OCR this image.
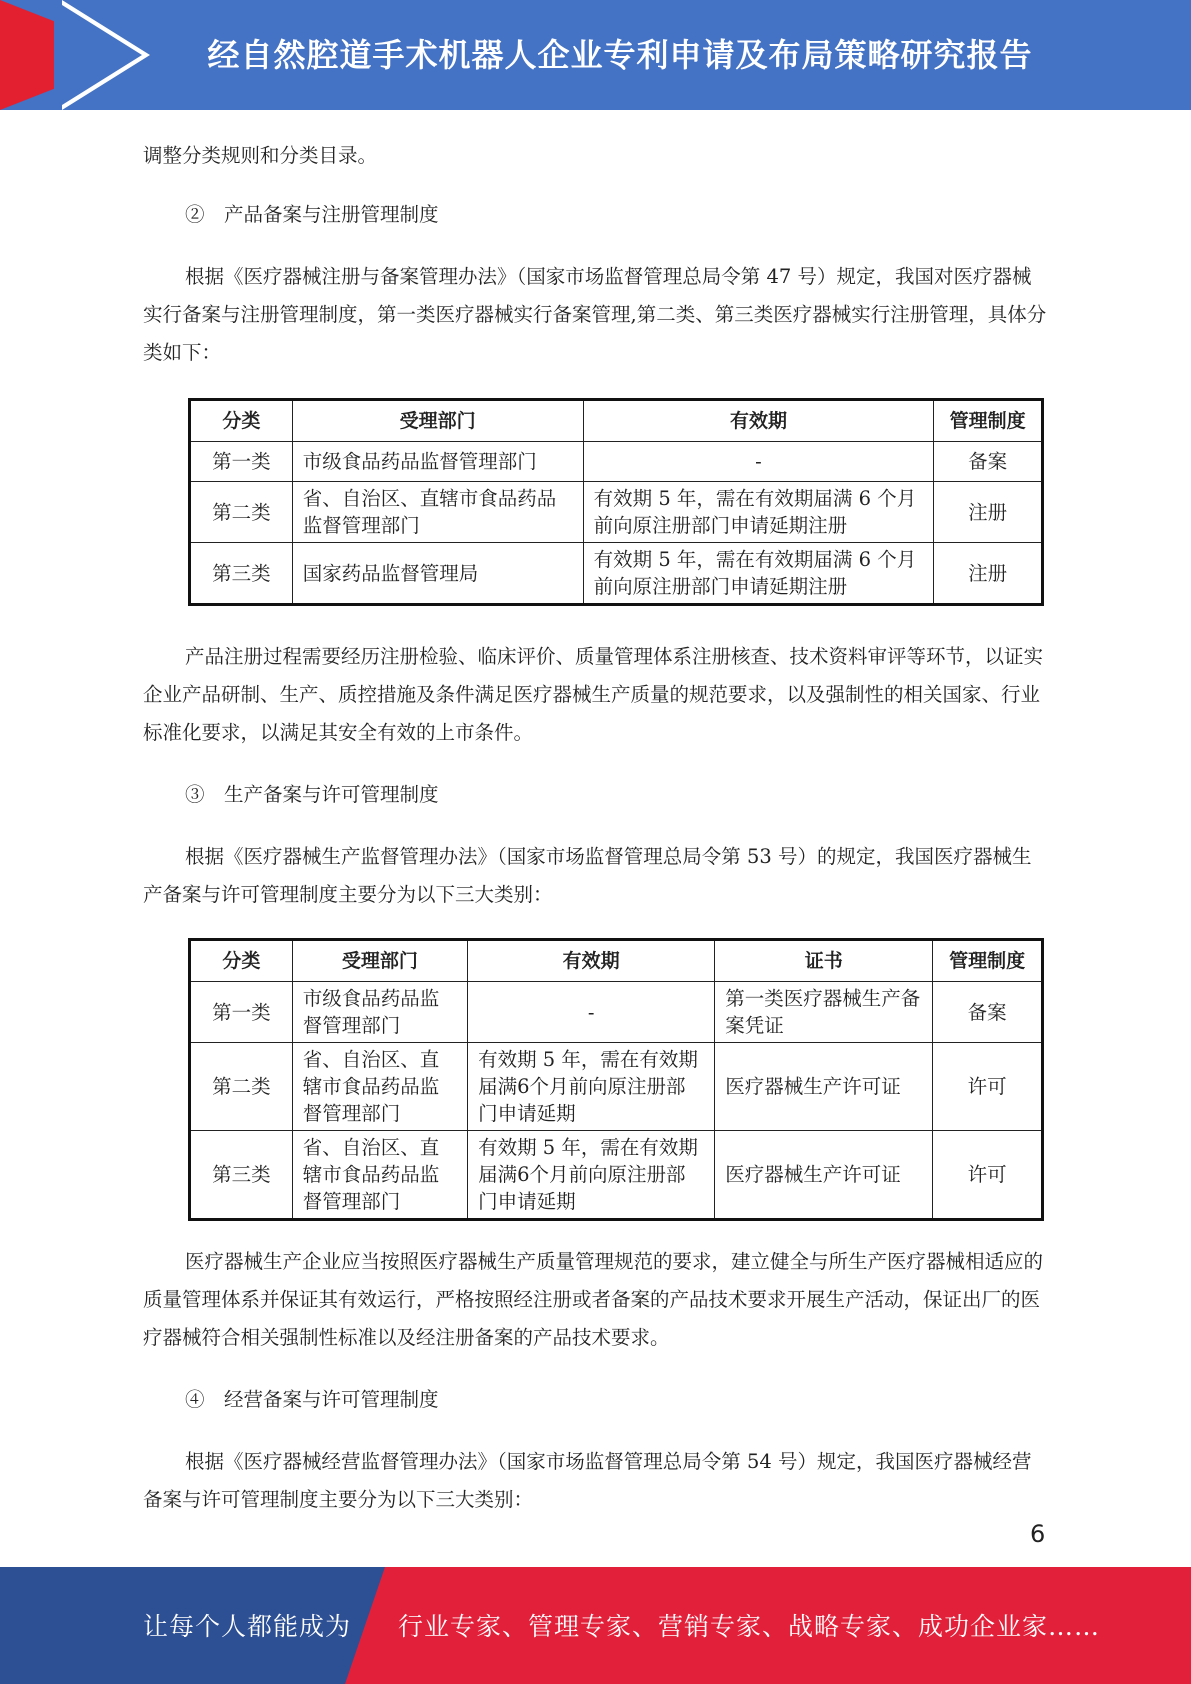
经自然腔道手术机器人企业专利申请及布局策略研究报告

调整分类规则和分类目录。

②　产品备案与注册管理制度

根据《医疗器械注册与备案管理办法》（国家市场监督管理总局令第 47 号）规定，我国对医疗器械实行备案与注册管理制度，第一类医疗器械实行备案管理,第二类、第三类医疗器械实行注册管理，具体分类如下：

分类	受理部门	有效期	管理制度
第一类	市级食品药品监督管理部门	-	备案
第二类	省、自治区、直辖市食品药品监督管理部门	有效期 5 年，需在有效期届满 6 个月前向原注册部门申请延期注册	注册
第三类	国家药品监督管理局	有效期 5 年，需在有效期届满 6 个月前向原注册部门申请延期注册	注册

产品注册过程需要经历注册检验、临床评价、质量管理体系注册核查、技术资料审评等环节，以证实企业产品研制、生产、质控措施及条件满足医疗器械生产质量的规范要求，以及强制性的相关国家、行业标准化要求，以满足其安全有效的上市条件。

③　生产备案与许可管理制度

根据《医疗器械生产监督管理办法》（国家市场监督管理总局令第 53 号）的规定，我国医疗器械生产备案与许可管理制度主要分为以下三大类别：

分类	受理部门	有效期	证书	管理制度
第一类	市级食品药品监督管理部门	-	第一类医疗器械生产备案凭证	备案
第二类	省、自治区、直辖市食品药品监督管理部门	有效期 5 年，需在有效期届满6个月前向原注册部门申请延期	医疗器械生产许可证	许可
第三类	省、自治区、直辖市食品药品监督管理部门	有效期 5 年，需在有效期届满6个月前向原注册部门申请延期	医疗器械生产许可证	许可

医疗器械生产企业应当按照医疗器械生产质量管理规范的要求，建立健全与所生产医疗器械相适应的质量管理体系并保证其有效运行，严格按照经注册或者备案的产品技术要求开展生产活动，保证出厂的医疗器械符合相关强制性标准以及经注册备案的产品技术要求。

④　经营备案与许可管理制度

根据《医疗器械经营监督管理办法》（国家市场监督管理总局令第 54 号）规定，我国医疗器械经营备案与许可管理制度主要分为以下三大类别：

6
让每个人都能成为 行业专家、管理专家、营销专家、战略专家、成功企业家……
